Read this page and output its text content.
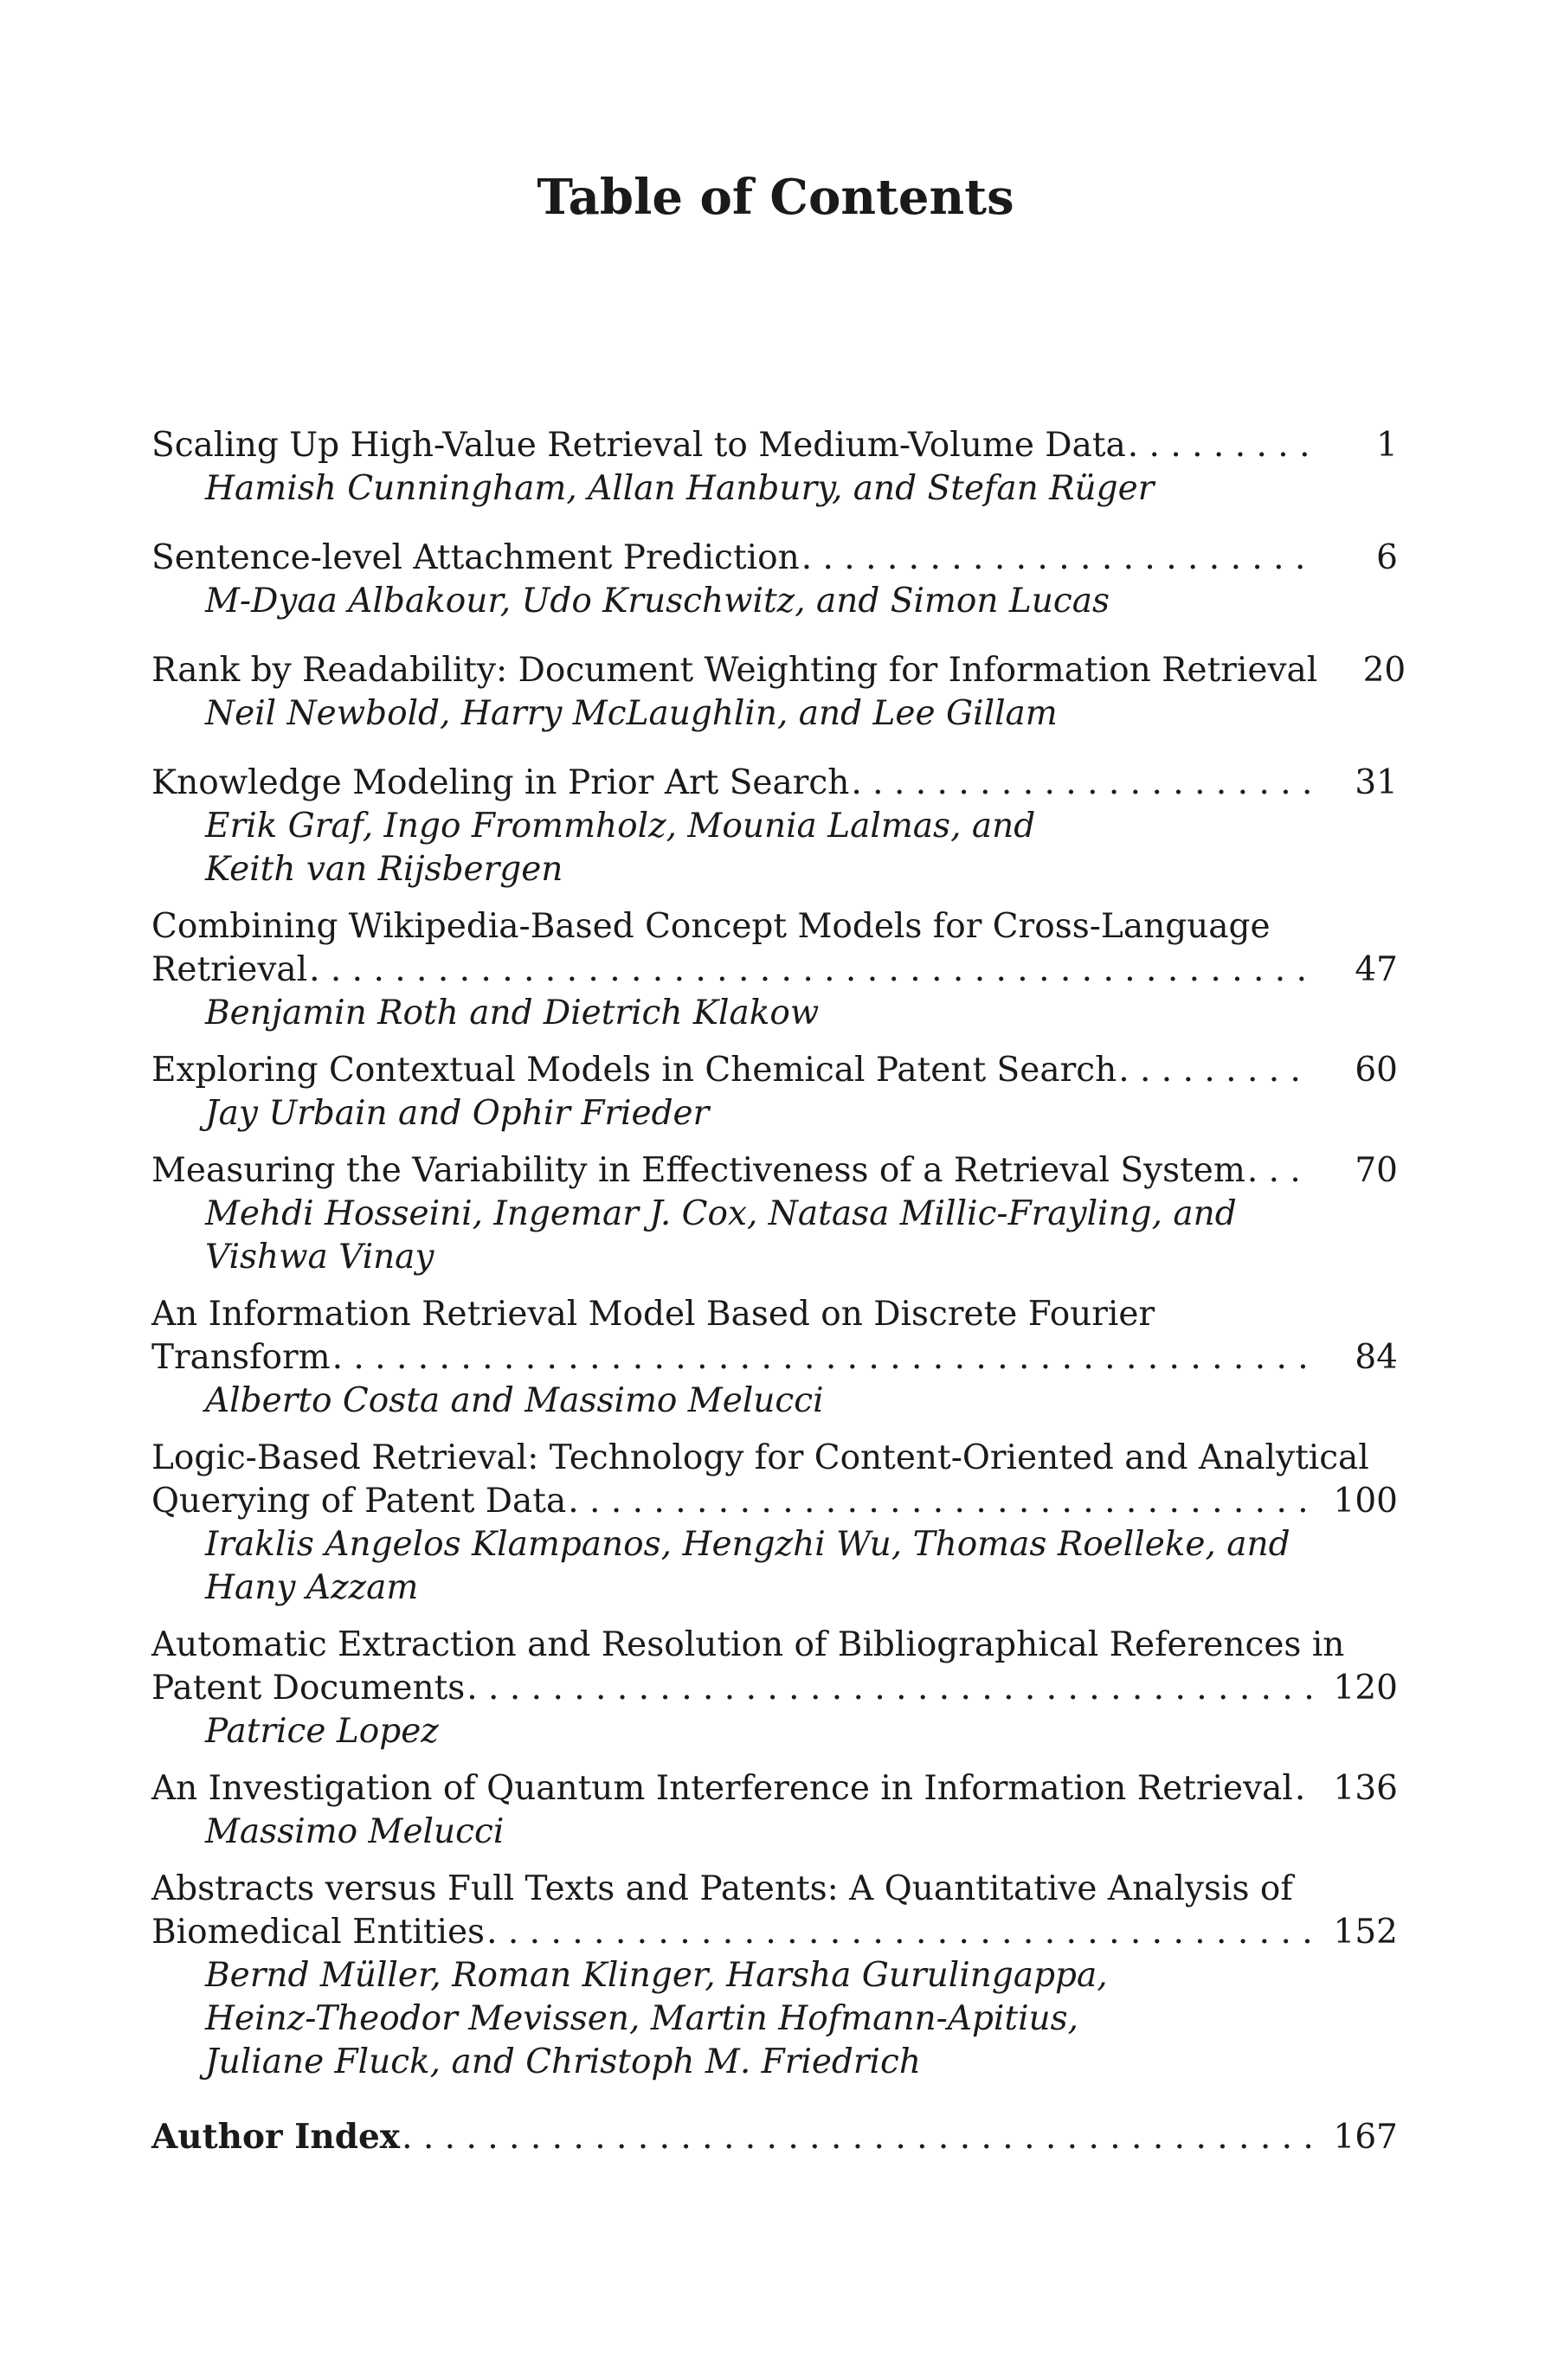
Table of Contents
Scaling Up High-Value Retrieval to Medium-Volume Data . . .	1
Hamish Cunningham, Allan Hanbury, and Stefan Rüger
Sentence-level Attachment Prediction . . .	6
M-Dyaa Albakour, Udo Kruschwitz, and Simon Lucas
Rank by Readability: Document Weighting for Information Retrieval . . .	20
Neil Newbold, Harry McLaughlin, and Lee Gillam
Knowledge Modeling in Prior Art Search . . .	31
Erik Graf, Ingo Frommholz, Mounia Lalmas, and
Keith van Rijsbergen
Combining Wikipedia-Based Concept Models for Cross-Language
Retrieval . . .	47
Benjamin Roth and Dietrich Klakow
Exploring Contextual Models in Chemical Patent Search . . .	60
Jay Urbain and Ophir Frieder
Measuring the Variability in Effectiveness of a Retrieval System . . .	70
Mehdi Hosseini, Ingemar J. Cox, Natasa Millic-Frayling, and
Vishwa Vinay
An Information Retrieval Model Based on Discrete Fourier
Transform . . .	84
Alberto Costa and Massimo Melucci
Logic-Based Retrieval: Technology for Content-Oriented and Analytical
Querying of Patent Data . . .	100
Iraklis Angelos Klampanos, Hengzhi Wu, Thomas Roelleke, and
Hany Azzam
Automatic Extraction and Resolution of Bibliographical References in
Patent Documents . . .	120
Patrice Lopez
An Investigation of Quantum Interference in Information Retrieval . . .	136
Massimo Melucci
Abstracts versus Full Texts and Patents: A Quantitative Analysis of
Biomedical Entities . . .	152
Bernd Müller, Roman Klinger, Harsha Gurulingappa,
Heinz-Theodor Mevissen, Martin Hofmann-Apitius,
Juliane Fluck, and Christoph M. Friedrich
Author Index . . .	167
